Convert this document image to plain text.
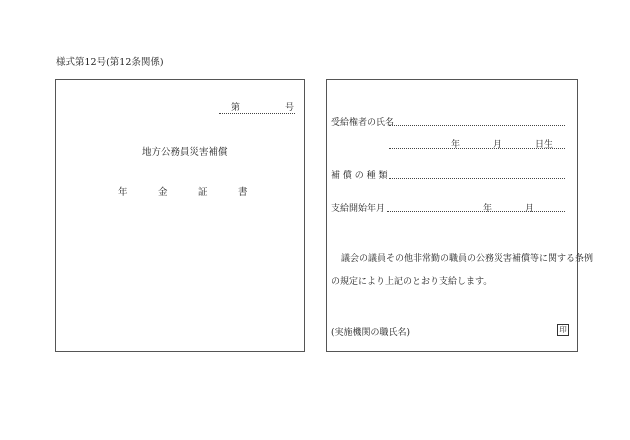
様式第12号(第12条関係)
第	号
地方公務員災害補償
年	金	証	書
受給権者の氏名
年	月	日生
補 償 の 種 類
支給開始年月	年	月
議会の議員その他非常勤の職員の公務災害補償等に関する条例
の規定により上記のとおり支給します。
(実施機関の職氏名)	印
